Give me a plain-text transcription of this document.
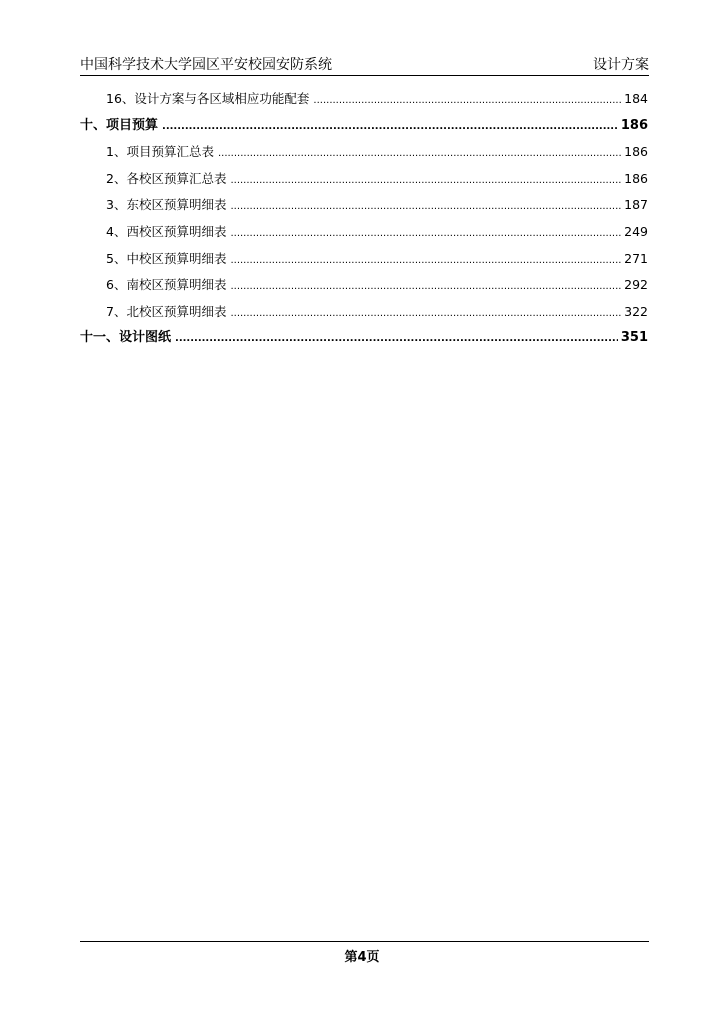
中国科学技术大学园区平安校园安防系统	设计方案
16、 设计方案与各区域相应功能配套 .....	184
十、 项目预算 .....	186
1、 项目预算汇总表 .....	186
2、 各校区预算汇总表 .....	186
3、 东校区预算明细表 .....	187
4、 西校区预算明细表 .....	249
5、 中校区预算明细表 .....	271
6、 南校区预算明细表 .....	292
7、 北校区预算明细表 .....	322
十一、 设计图纸 .....	351
第4页
